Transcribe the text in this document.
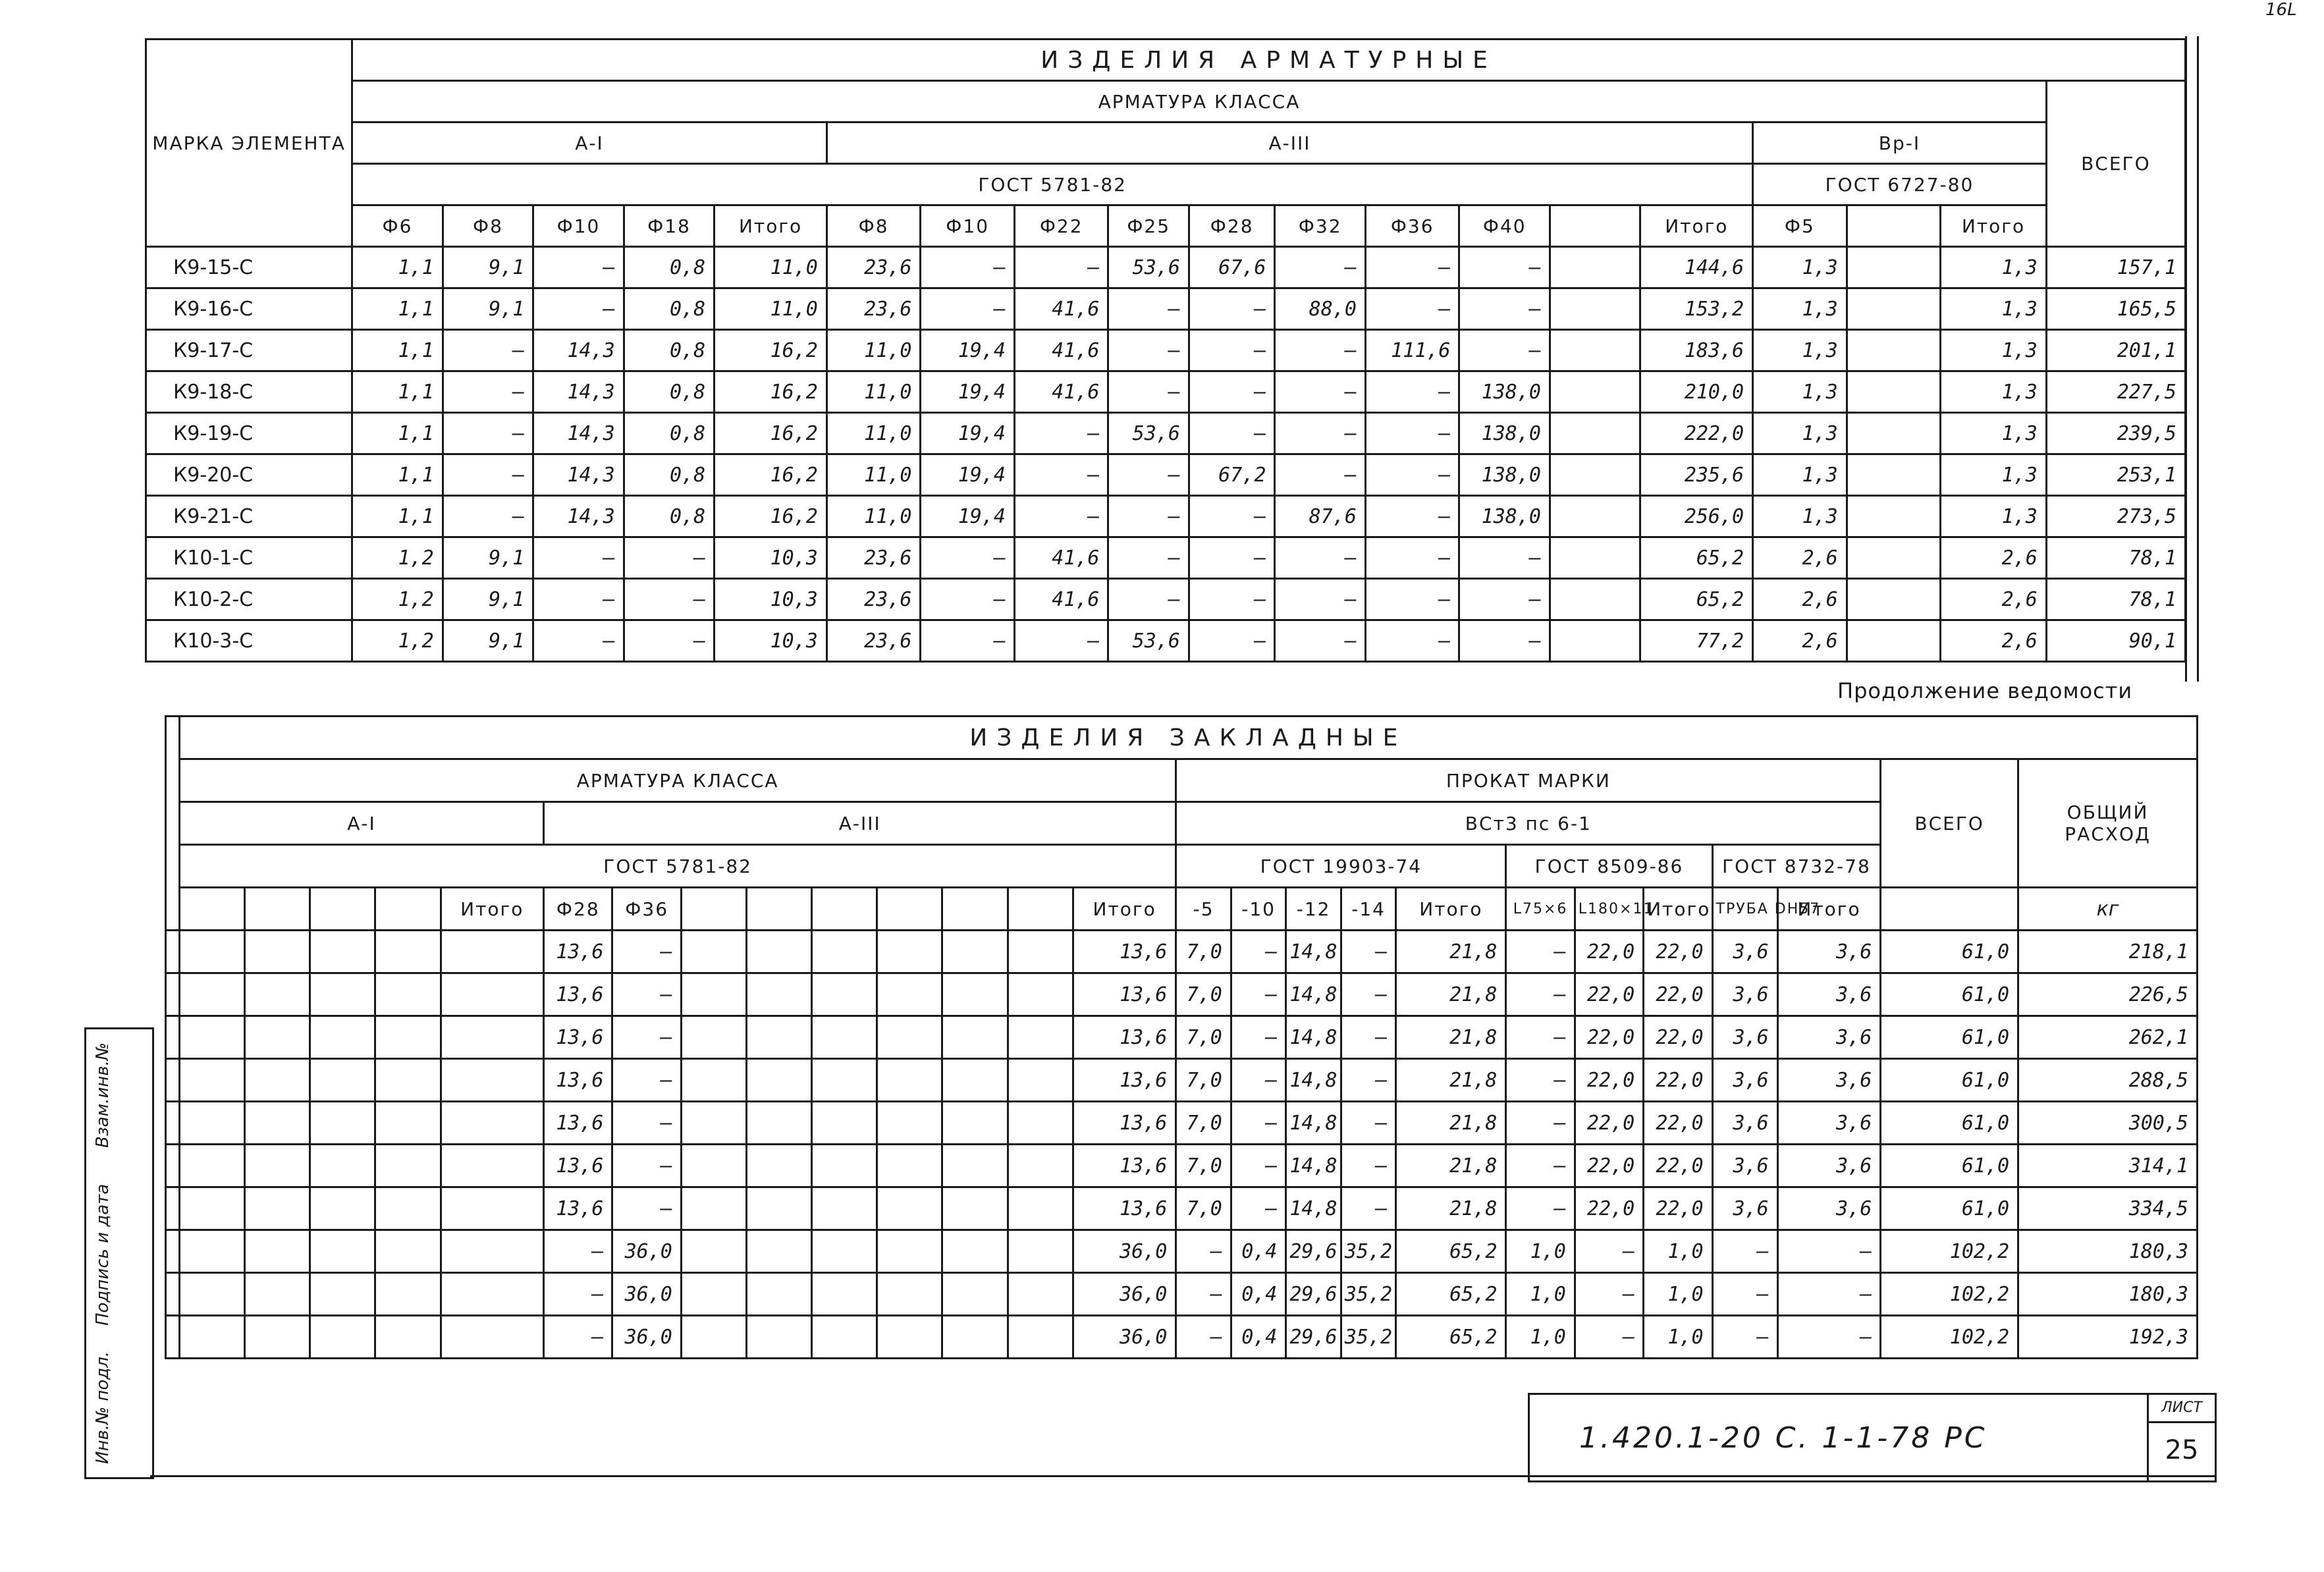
16L
МАРКА ЭЛЕМЕНТА	ИЗДЕЛИЯ АРМАТУРНЫЕ																		
	АРМАТУРА КЛАССА																		ВСЕГО
	А-I					А-III										Вр-I			
	ГОСТ 5781-82															ГОСТ 6727-80			
	Ф6	Ф8	Ф10	Ф18	Итого	Ф8	Ф10	Ф22	Ф25	Ф28	Ф32	Ф36	Ф40		Итого	Ф5		Итого	
К9-15-С	1,1	9,1	—	0,8	11,0	23,6	—	—	53,6	67,6	—	—	—		144,6	1,3		1,3	157,1
К9-16-С	1,1	9,1	—	0,8	11,0	23,6	—	41,6	—	—	88,0	—	—		153,2	1,3		1,3	165,5
К9-17-С	1,1	—	14,3	0,8	16,2	11,0	19,4	41,6	—	—	—	111,6	—		183,6	1,3		1,3	201,1
К9-18-С	1,1	—	14,3	0,8	16,2	11,0	19,4	41,6	—	—	—	—	138,0		210,0	1,3		1,3	227,5
К9-19-С	1,1	—	14,3	0,8	16,2	11,0	19,4	—	53,6	—	—	—	138,0		222,0	1,3		1,3	239,5
К9-20-С	1,1	—	14,3	0,8	16,2	11,0	19,4	—	—	67,2	—	—	138,0		235,6	1,3		1,3	253,1
К9-21-С	1,1	—	14,3	0,8	16,2	11,0	19,4	—	—	—	87,6	—	138,0		256,0	1,3		1,3	273,5
К10-1-С	1,2	9,1	—	—	10,3	23,6	—	41,6	—	—	—	—	—		65,2	2,6		2,6	78,1
К10-2-С	1,2	9,1	—	—	10,3	23,6	—	41,6	—	—	—	—	—		65,2	2,6		2,6	78,1
К10-3-С	1,2	9,1	—	—	10,3	23,6	—	—	53,6	—	—	—	—		77,2	2,6		2,6	90,1
Продолжение ведомости
	ИЗДЕЛИЯ ЗАКЛАДНЫЕ																									
	АРМАТУРА КЛАССА														ПРОКАТ МАРКИ										ВСЕГО	ОБЩИЙ РАСХОД
	А-I					А-III									ВСт3 пс 6-1											
	ГОСТ 5781-82														ГОСТ 19903-74					ГОСТ 8509-86			ГОСТ 8732-78			
					Итого	Ф28	Ф36							Итого	-5	-10	-12	-14	Итого	L75×6	L180×11	Итого	ТРУБА DН57	Итого		кг
						13,6	—							13,6	7,0	—	14,8	—	21,8	—	22,0	22,0	3,6	3,6	61,0	218,1
						13,6	—							13,6	7,0	—	14,8	—	21,8	—	22,0	22,0	3,6	3,6	61,0	226,5
						13,6	—							13,6	7,0	—	14,8	—	21,8	—	22,0	22,0	3,6	3,6	61,0	262,1
						13,6	—							13,6	7,0	—	14,8	—	21,8	—	22,0	22,0	3,6	3,6	61,0	288,5
						13,6	—							13,6	7,0	—	14,8	—	21,8	—	22,0	22,0	3,6	3,6	61,0	300,5
						13,6	—							13,6	7,0	—	14,8	—	21,8	—	22,0	22,0	3,6	3,6	61,0	314,1
						13,6	—							13,6	7,0	—	14,8	—	21,8	—	22,0	22,0	3,6	3,6	61,0	334,5
						—	36,0							36,0	—	0,4	29,6	35,2	65,2	1,0	—	1,0	—	—	102,2	180,3
						—	36,0							36,0	—	0,4	29,6	35,2	65,2	1,0	—	1,0	—	—	102,2	180,3
						—	36,0							36,0	—	0,4	29,6	35,2	65,2	1,0	—	1,0	—	—	102,2	192,3
Инв.№ подл.
Подпись и дата
Взам.инв.№
1.420.1-20 С. 1-1-78 РС
ЛИСТ
25
